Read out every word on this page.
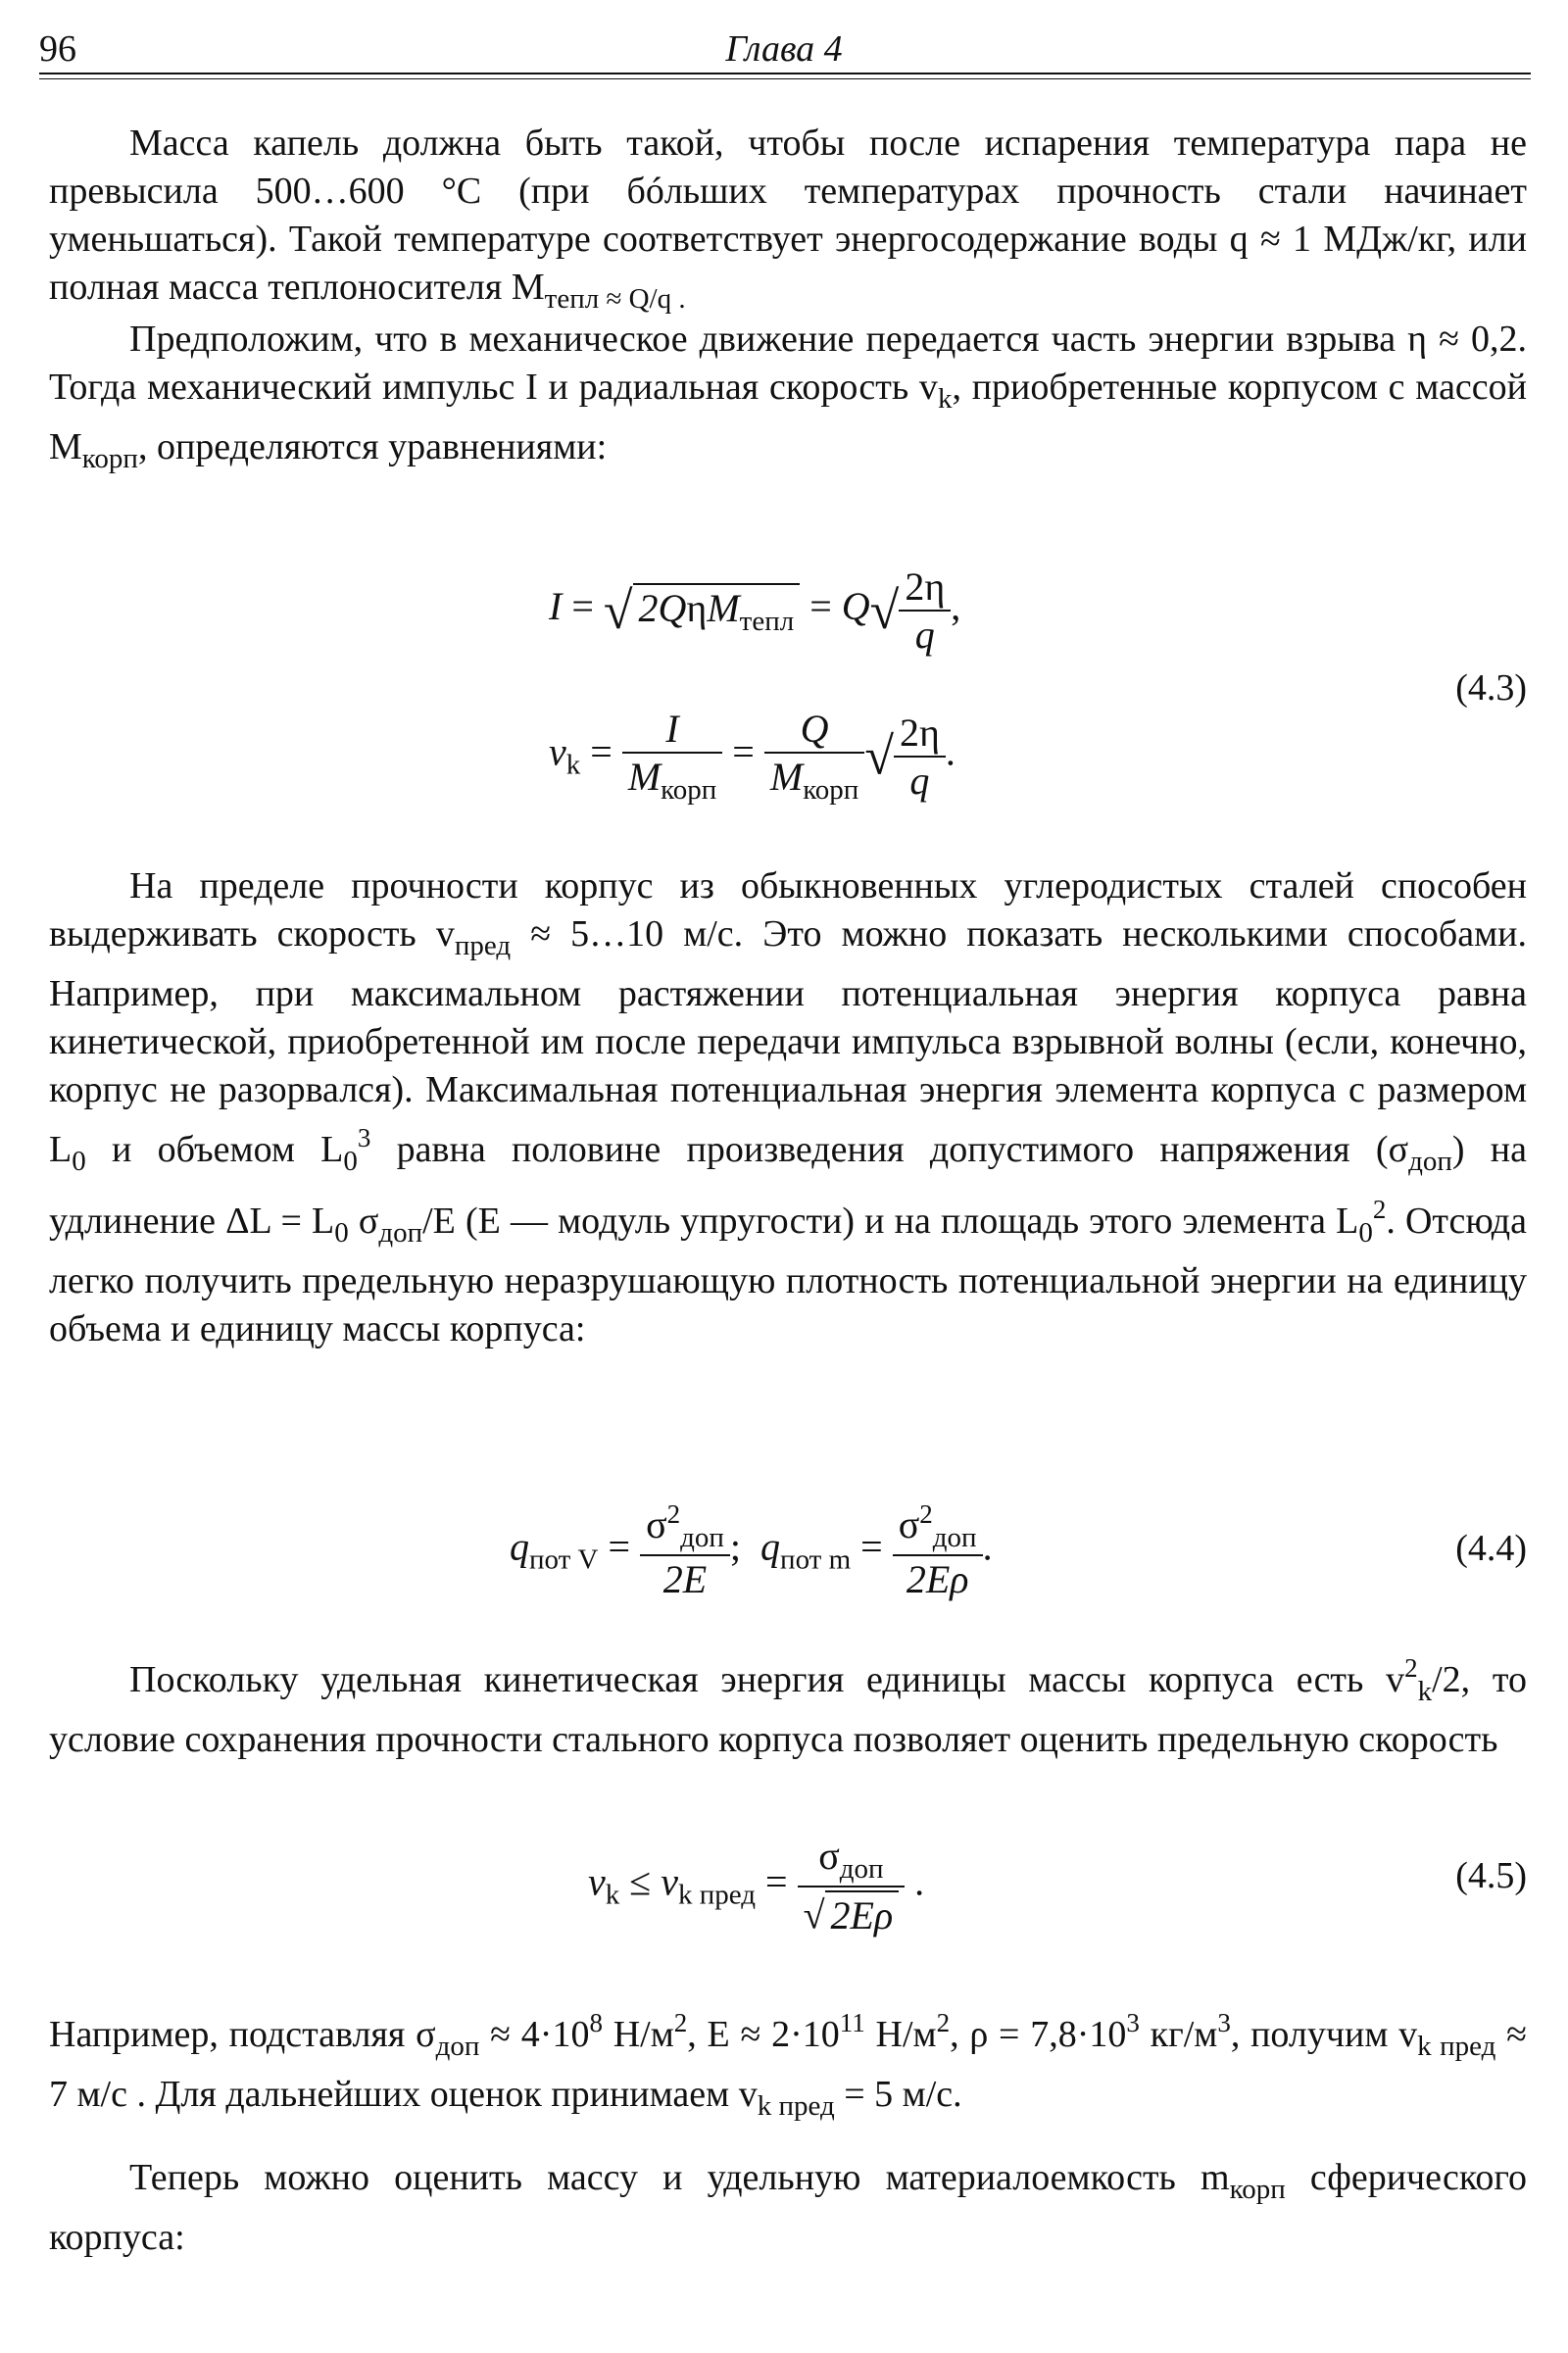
96	Глава 4

Масса капель должна быть такой, чтобы после испарения температура пара не превысила 500…600 °С (при бóльших температурах прочность стали начинает уменьшаться). Такой температуре соответствует энергосодержание воды q ≈ 1 МДж/кг, или полная масса теплоносителя $M_{тепл \approx Q/q .}$

Предположим, что в механическое движение передается часть энергии взрыва η ≈ 0,2. Тогда механический импульс I и радиальная скорость $v_k$, приобретенные корпусом с массой $M_{корп}$, определяются уравнениями:

I = √ $2Q\eta M_{тепл} = Q√ \frac{2\eta}{q}$ ,
$v_k = \frac{I}{M_{корп}} = \frac{Q}{M_{корп}}$ √ $\frac{2\eta}{q}$ .
(4.3)

На пределе прочности корпус из обыкновенных углеродистых сталей способен выдерживать скорость $v_{пред}$ ≈ 5…10 м/с. Это можно показать несколькими способами. Например, при максимальном растяжении потенциальная энергия корпуса равна кинетической, приобретенной им после передачи импульса взрывной волны (если, конечно, корпус не разорвался). Максимальная потенциальная энергия элемента корпуса с размером $L_0$ и объемом $L_0^3$ равна половине произведения допустимого напряжения $(\sigma_{доп})$ на удлинение $\Delta L = L_0$ $\sigma_{доп}/E$ (E — модуль упругости) и на площадь этого элемента $L_0^2$. Отсюда легко получить предельную неразрушающую плотность потенциальной энергии на единицу объема и единицу массы корпуса:

$q_{пот V} = \frac{\sigma^2_{доп}}{2E}$ ;  $q_{пот m} = \frac{\sigma^2_{доп}}{2E\rho}$ .	(4.4)

Поскольку удельная кинетическая энергия единицы массы корпуса есть $v^2_k/2$, то условие сохранения прочности стального корпуса позволяет оценить предельную скорость

$v_k \le v_{k пред} = \frac{\sigma_{доп}}{√ 2E\rho}$ .	(4.5)

Например, подставляя $\sigma_{доп} \approx 4\cdot 10^8$ $Н/м^2$, $E \approx 2\cdot 10^{11}$ $Н/м^2$, $\rho = 7,8\cdot 10^3$ $кг/м^3$, получим $v_{k пред} \approx 7$ м/с . Для дальнейших оценок принимаем $v_{k пред} = 5$ м/с.

Теперь можно оценить массу и удельную материалоемкость $m_{корп}$ сферического корпуса:
